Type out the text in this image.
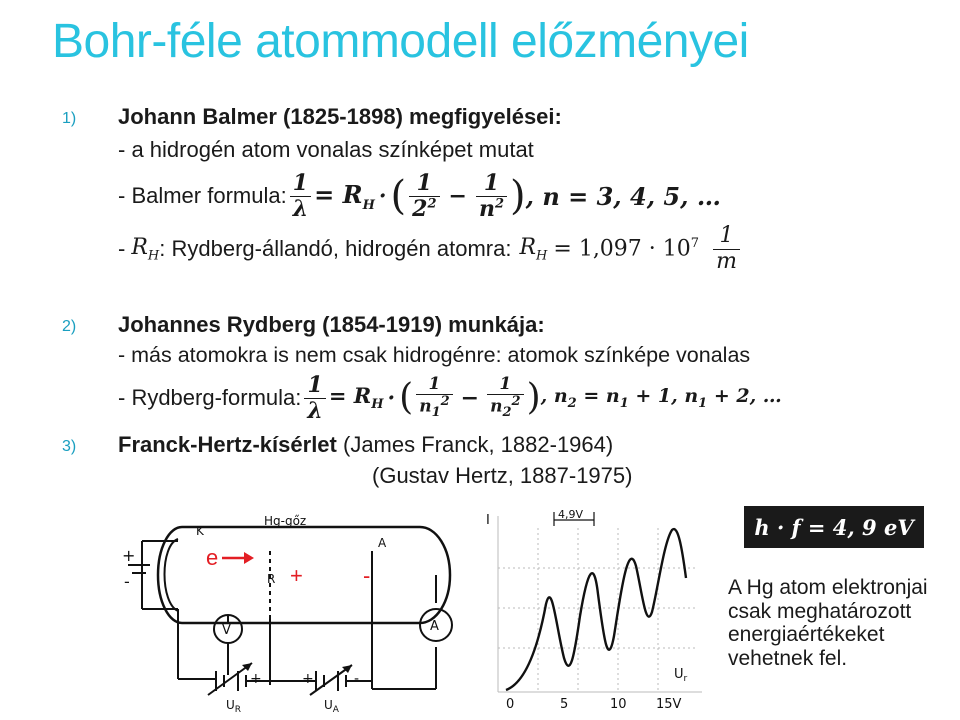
Bohr-féle atommodell előzményei
1) Johann Balmer (1825-1898) megfigyelései:
- a hidrogén atom vonalas színképet mutat
- Balmer formula: $\frac{1}{\lambda} = R_H$ · ( $\frac{1}{2^2} - \frac{1}{n^2}$ ) , n = 3, 4, 5, …
- $R_H$ : Rydberg-állandó, hidrogén atomra: $R_H = 1,097 \cdot 10^7 \frac{1}{m}$
2) Johannes Rydberg (1854-1919) munkája:
- más atomokra is nem csak hidrogénre: atomok színképe vonalas
- Rydberg-formula: $\frac{1}{\lambda} = R_H$ · ( $\frac{1}{n_1^2} - \frac{1}{n_2^2}$ ) , $n_2 = n_1 + 1$, $n_1 + 2$, …
3) Franck-Hertz-kísérlet (James Franck, 1882-1964)
(Gustav Hertz, 1887-1975)
K
Hg-gőz
A
R
V	A
+
-
-	+	+	-
$U_R$	$U_A$
e
+	-
I	4,9V
$U_r$
0	5	10 15V
h · f = 4, 9 eV
A Hg atom elektronjai csak meghatározott energiaértékeket vehetnek fel.
